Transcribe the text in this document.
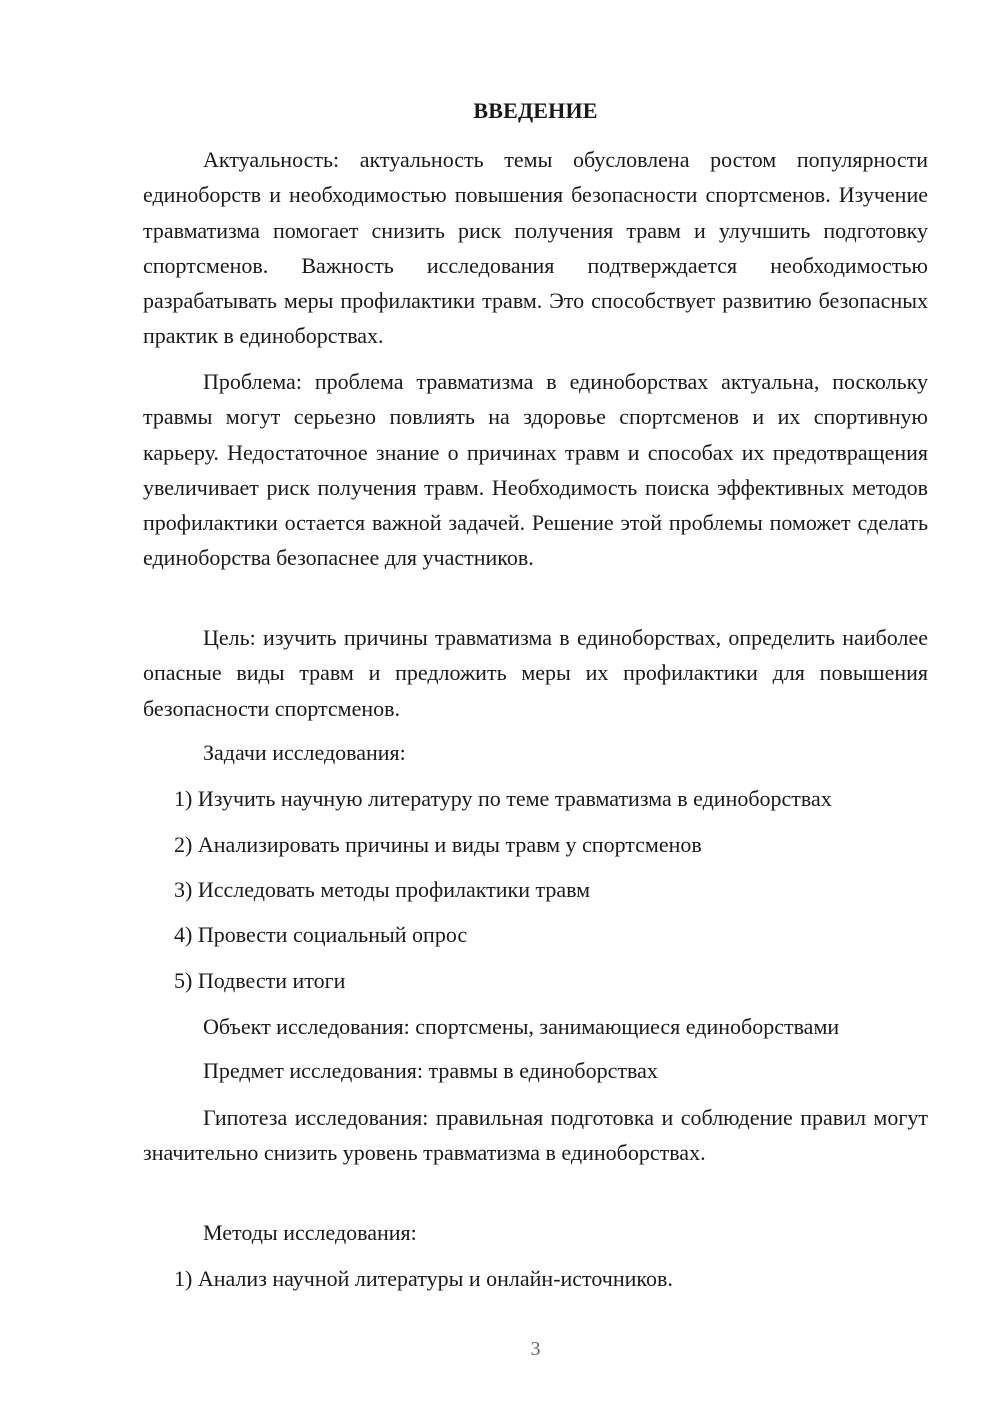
ВВЕДЕНИЕ

Актуальность: актуальность темы обусловлена ростом популярности единоборств и необходимостью повышения безопасности спортсменов. Изучение травматизма помогает снизить риск получения травм и улучшить подготовку спортсменов. Важность исследования подтверждается необходимостью разрабатывать меры профилактики травм. Это способствует развитию безопасных практик в единоборствах.

Проблема: проблема травматизма в единоборствах актуальна, поскольку травмы могут серьезно повлиять на здоровье спортсменов и их спортивную карьеру. Недостаточное знание о причинах травм и способах их предотвращения увеличивает риск получения травм. Необходимость поиска эффективных методов профилактики остается важной задачей. Решение этой проблемы поможет сделать единоборства безопаснее для участников.

Цель: изучить причины травматизма в единоборствах, определить наиболее опасные виды травм и предложить меры их профилактики для повышения безопасности спортсменов.

Задачи исследования:
1) Изучить научную литературу по теме травматизма в единоборствах
2) Анализировать причины и виды травм у спортсменов
3) Исследовать методы профилактики травм
4) Провести социальный опрос
5) Подвести итоги
Объект исследования: спортсмены, занимающиеся единоборствами
Предмет исследования: травмы в единоборствах

Гипотеза исследования: правильная подготовка и соблюдение правил могут значительно снизить уровень травматизма в единоборствах.

Методы исследования:
1) Анализ научной литературы и онлайн-источников.
3
